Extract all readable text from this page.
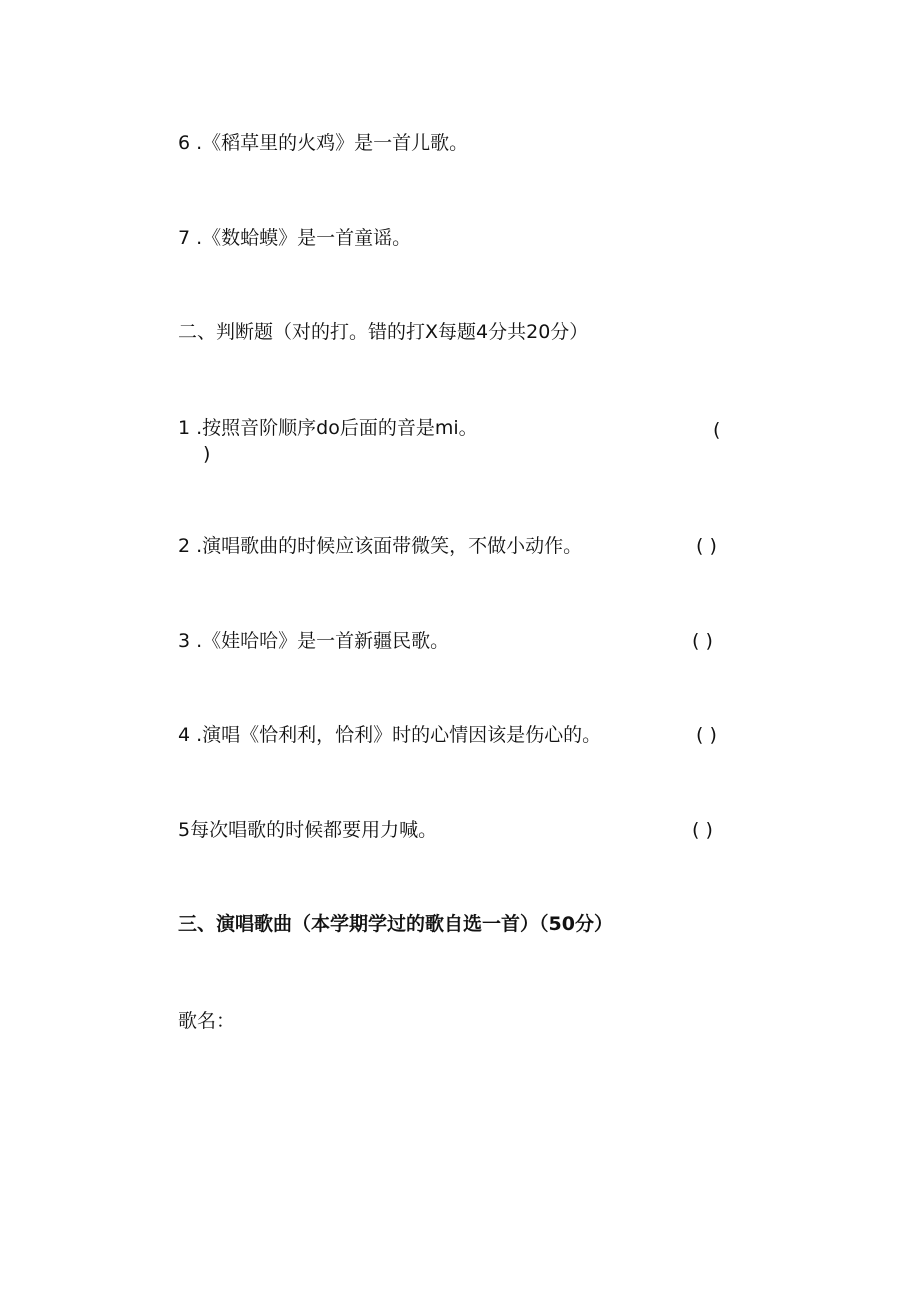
6 .《稻草里的火鸡》是一首儿歌。
7 .《数蛤蟆》是一首童谣。
二、判断题（对的打。错的打X每题4分共20分）
1 .按照音阶顺序do后面的音是mi。	(
)
2 .演唱歌曲的时候应该面带微笑，不做小动作。	( )
3 .《娃哈哈》是一首新疆民歌。	( )
4 .演唱《恰利利，恰利》时的心情因该是伤心的。	( )
5每次唱歌的时候都要用力喊。	( )
三、演唱歌曲（本学期学过的歌自选一首）（50分）
歌名：
